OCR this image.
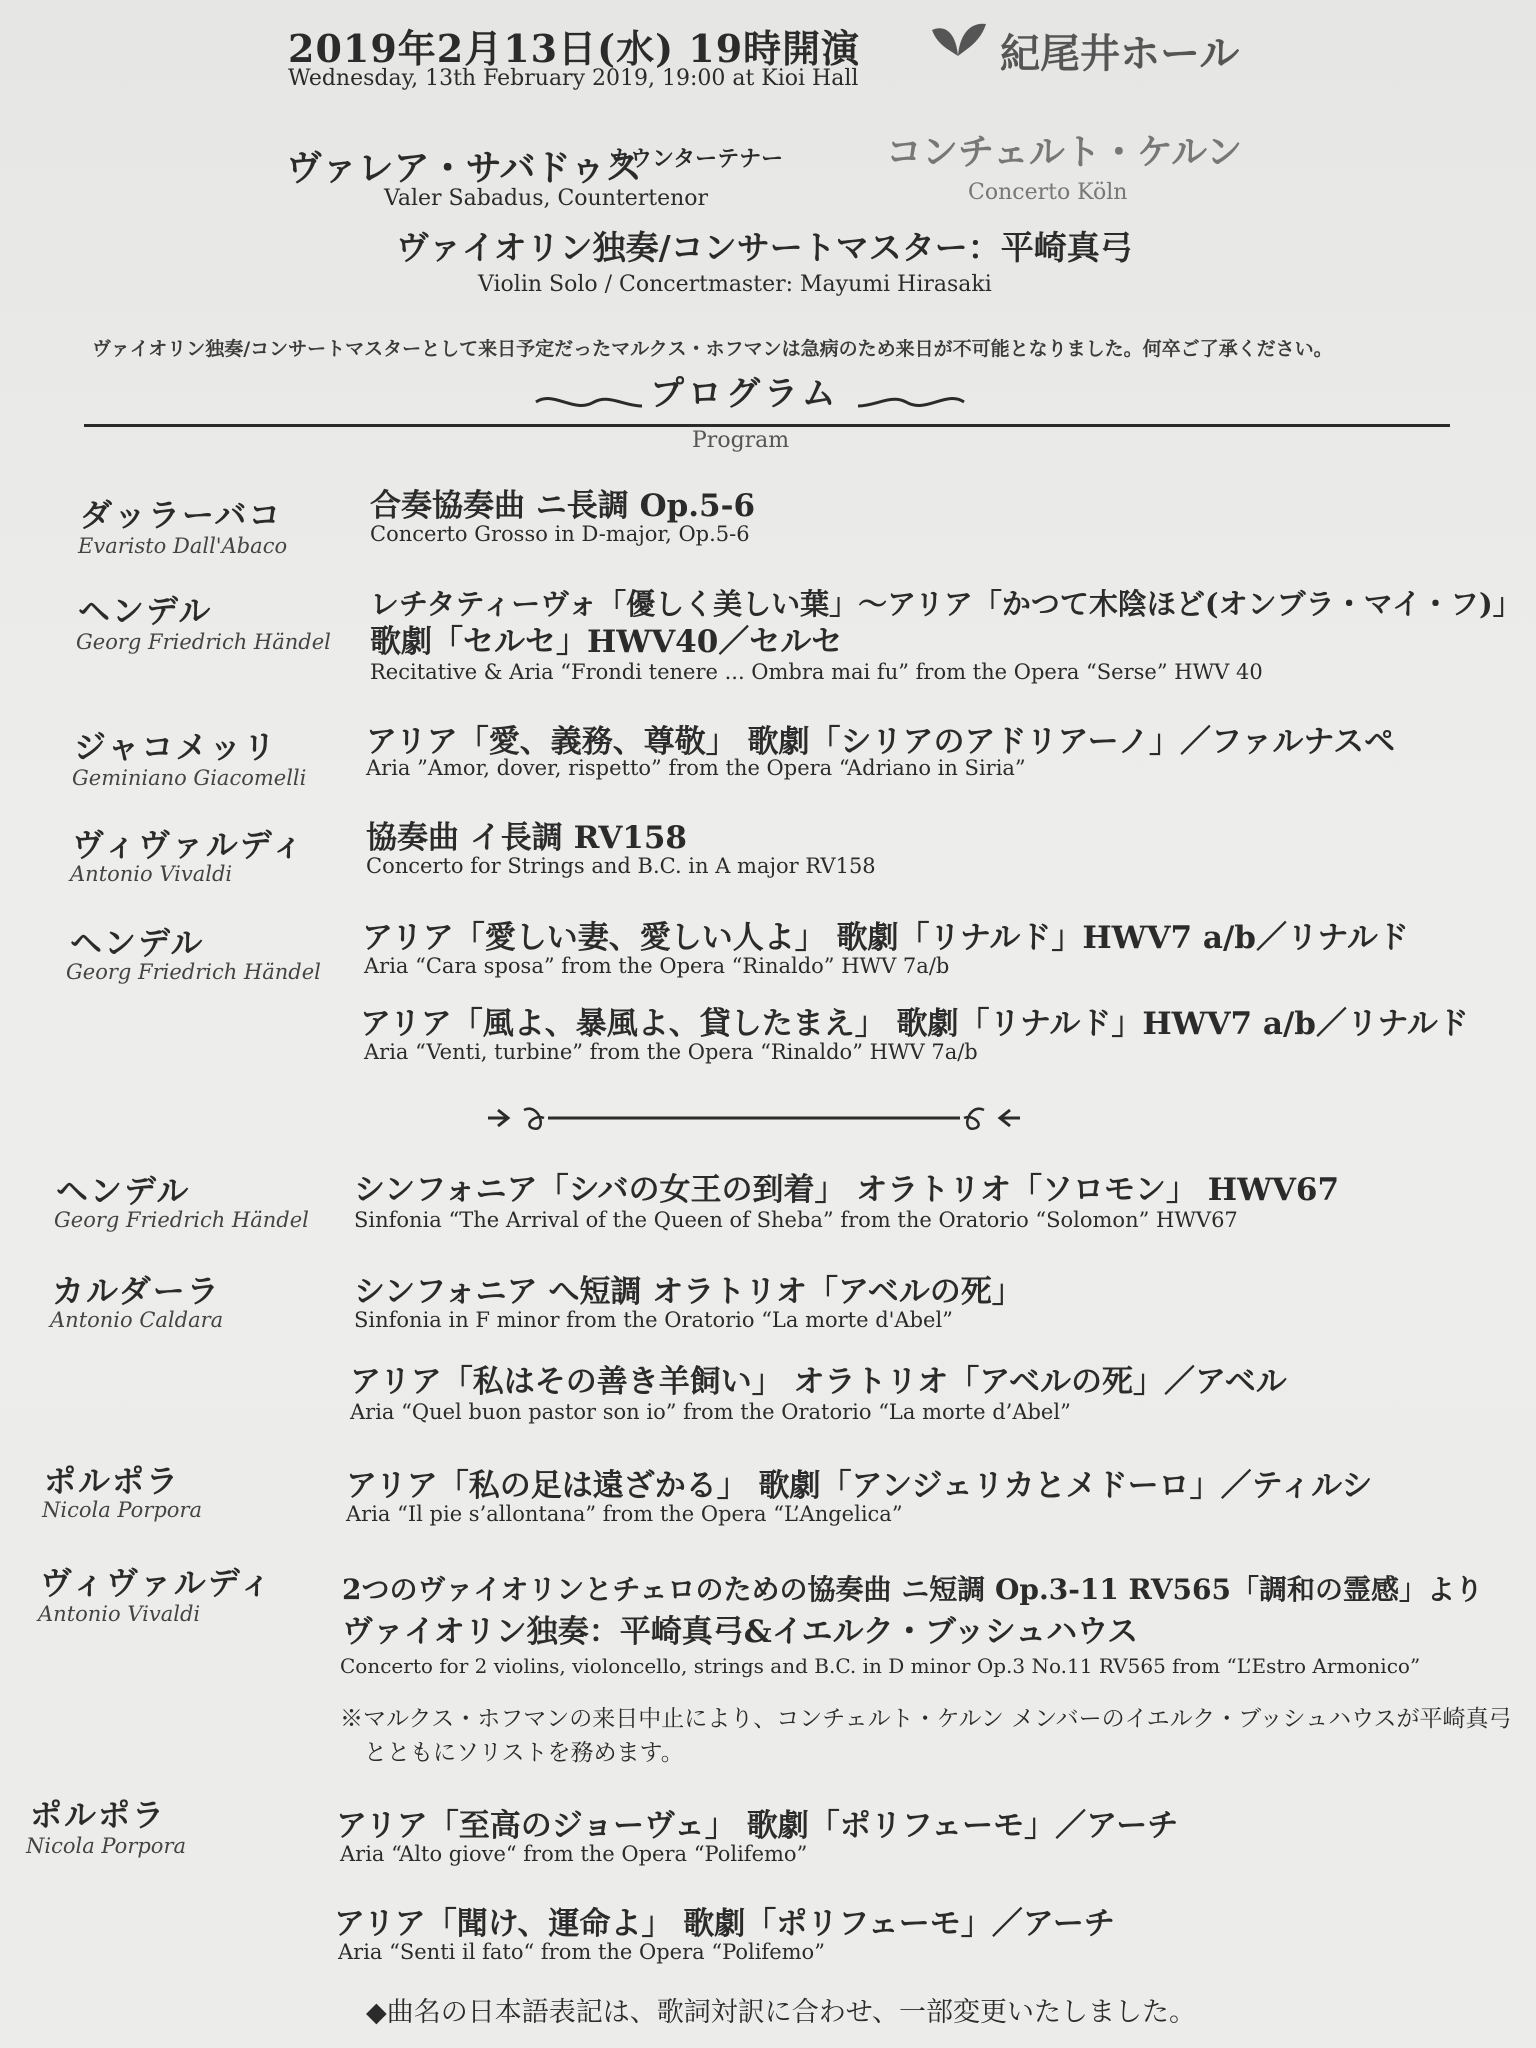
2019年2月13日(水) 19時開演
Wednesday, 13th February 2019, 19:00 at Kioi Hall
紀尾井ホール
ヴァレア・サバドゥス
カウンターテナー
Valer Sabadus, Countertenor
コンチェルト・ケルン
Concerto Köln
ヴァイオリン独奏/コンサートマスター：平崎真弓
Violin Solo / Concertmaster: Mayumi Hirasaki
ヴァイオリン独奏/コンサートマスターとして来日予定だったマルクス・ホフマンは急病のため来日が不可能となりました。何卒ご了承ください。
プログラム
Program
ダッラーバコ
Evaristo Dall'Abaco
合奏協奏曲 ニ長調 Op.5-6
Concerto Grosso in D-major, Op.5-6
ヘンデル
Georg Friedrich Händel
レチタティーヴォ「優しく美しい葉」〜アリア「かつて木陰ほど(オンブラ・マイ・フ)」
歌劇「セルセ」HWV40／セルセ
Recitative & Aria “Frondi tenere ... Ombra mai fu” from the Opera “Serse” HWV 40
ジャコメッリ
Geminiano Giacomelli
アリア「愛、義務、尊敬」 歌劇「シリアのアドリアーノ」／ファルナスペ
Aria ”Amor, dover, rispetto” from the Opera “Adriano in Siria”
ヴィヴァルディ
Antonio Vivaldi
協奏曲 イ長調 RV158
Concerto for Strings and B.C. in A major RV158
ヘンデル
Georg Friedrich Händel
アリア「愛しい妻、愛しい人よ」 歌劇「リナルド」HWV7 a/b／リナルド
Aria “Cara sposa” from the Opera “Rinaldo” HWV 7a/b
アリア「風よ、暴風よ、貸したまえ」 歌劇「リナルド」HWV7 a/b／リナルド
Aria “Venti, turbine” from the Opera “Rinaldo” HWV 7a/b
ヘンデル
Georg Friedrich Händel
シンフォニア「シバの女王の到着」 オラトリオ「ソロモン」 HWV67
Sinfonia “The Arrival of the Queen of Sheba” from the Oratorio “Solomon” HWV67
カルダーラ
Antonio Caldara
シンフォニア へ短調 オラトリオ「アベルの死」
Sinfonia in F minor from the Oratorio “La morte d'Abel”
アリア「私はその善き羊飼い」 オラトリオ「アベルの死」／アベル
Aria “Quel buon pastor son io” from the Oratorio “La morte d’Abel”
ポルポラ
Nicola Porpora
アリア「私の足は遠ざかる」 歌劇「アンジェリカとメドーロ」／ティルシ
Aria “Il pie s’allontana” from the Opera “L’Angelica”
ヴィヴァルディ
Antonio Vivaldi
2つのヴァイオリンとチェロのための協奏曲 ニ短調 Op.3-11 RV565「調和の霊感」より
ヴァイオリン独奏：平崎真弓&イエルク・ブッシュハウス
Concerto for 2 violins, violoncello, strings and B.C. in D minor Op.3 No.11 RV565 from “L’Estro Armonico”
※マルクス・ホフマンの来日中止により、コンチェルト・ケルン メンバーのイエルク・ブッシュハウスが平崎真弓
とともにソリストを務めます。
ポルポラ
Nicola Porpora
アリア「至高のジョーヴェ」 歌劇「ポリフェーモ」／アーチ
Aria “Alto giove“ from the Opera “Polifemo”
アリア「聞け、運命よ」 歌劇「ポリフェーモ」／アーチ
Aria “Senti il fato“ from the Opera “Polifemo”
◆曲名の日本語表記は、歌詞対訳に合わせ、一部変更いたしました。
